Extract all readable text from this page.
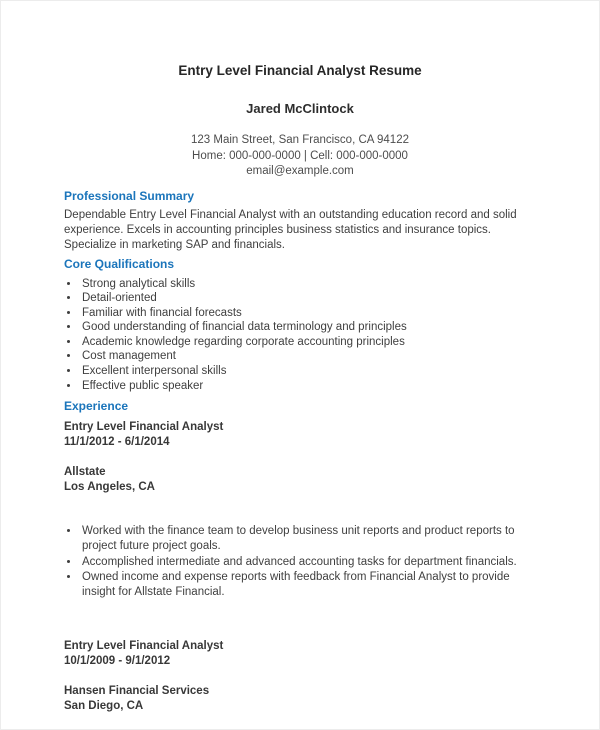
Entry Level Financial Analyst Resume
Jared McClintock
123 Main Street, San Francisco, CA 94122
Home: 000-000-0000 | Cell: 000-000-0000
email@example.com
Professional Summary

Dependable Entry Level Financial Analyst with an outstanding education record and solid experience. Excels in accounting principles business statistics and insurance topics. Specialize in marketing SAP and financials.

Core Qualifications
• Strong analytical skills
• Detail-oriented
• Familiar with financial forecasts
• Good understanding of financial data terminology and principles
• Academic knowledge regarding corporate accounting principles
• Cost management
• Excellent interpersonal skills
• Effective public speaker
Experience
Entry Level Financial Analyst
11/1/2012 - 6/1/2014
Allstate
Los Angeles, CA
• Worked with the finance team to develop business unit reports and product reports to project future project goals.
• Accomplished intermediate and advanced accounting tasks for department financials.
• Owned income and expense reports with feedback from Financial Analyst to provide insight for Allstate Financial.
Entry Level Financial Analyst
10/1/2009 - 9/1/2012
Hansen Financial Services
San Diego, CA
